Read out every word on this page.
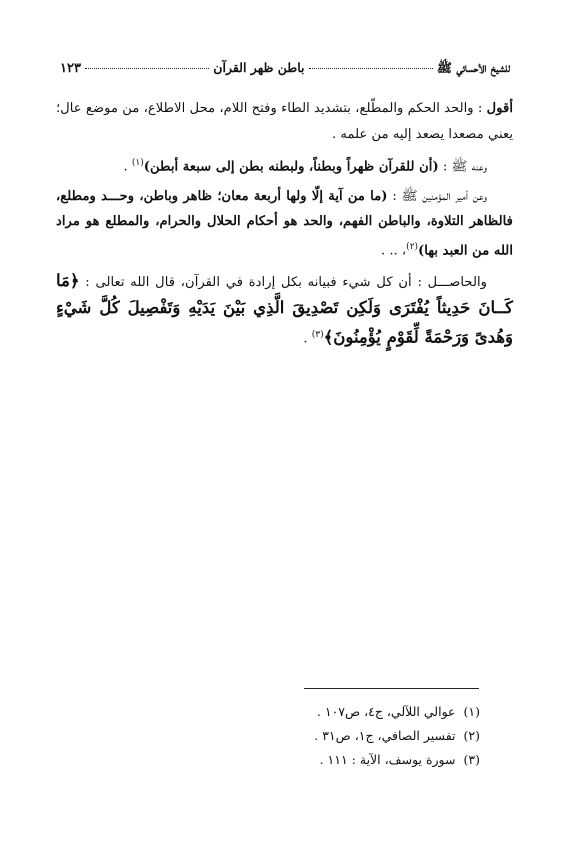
للشيخ الأحسائي ﷺ
باطن ظهر القرآن
١٢٣

أقول : والحد الحكم والمطّلع، بتشديد الطاء وفتح اللام، محل الاطلاع، من موضع عال؛ يعني مصعدا يصعد إليه من علمه .

وعنه ﷺ : (أن للقرآن ظهراً وبطناً، ولبطنه بطن إلى سبعة أبطن)$^{(١)}$ .

وعن أمير المؤمنين ﷺ : (ما من آية إلّا ولها أربعة معان؛ ظاهر وباطن، وحـــد ومطلع، فالظاهر التلاوة، والباطن الفهم، والحد هو أحكام الحلال والحرام، والمطلع هو مراد الله من العبد بها)$^{(٢)}$، .. .

والحاصـــل : أن كل شيء فبيانه بكل إرادة في القرآن، قال الله تعالى : ﴿مَا كَــانَ حَدِيثاً يُفْتَرَى وَلَكِن تَصْدِيقَ الَّذِي بَيْنَ يَدَيْهِ وَتَفْصِيلَ كُلَّ شَيْءٍ وَهُدىً وَرَحْمَةً لِّقَوْمٍ يُؤْمِنُونَ﴾$^{(٣)}$ .

(١)عوالي اللآلي، ج٤، ص١٠٧ .
(٢)تفسير الصافي، ج١، ص٣١ .
(٣)سورة يوسف، الآية : ١١١ .
